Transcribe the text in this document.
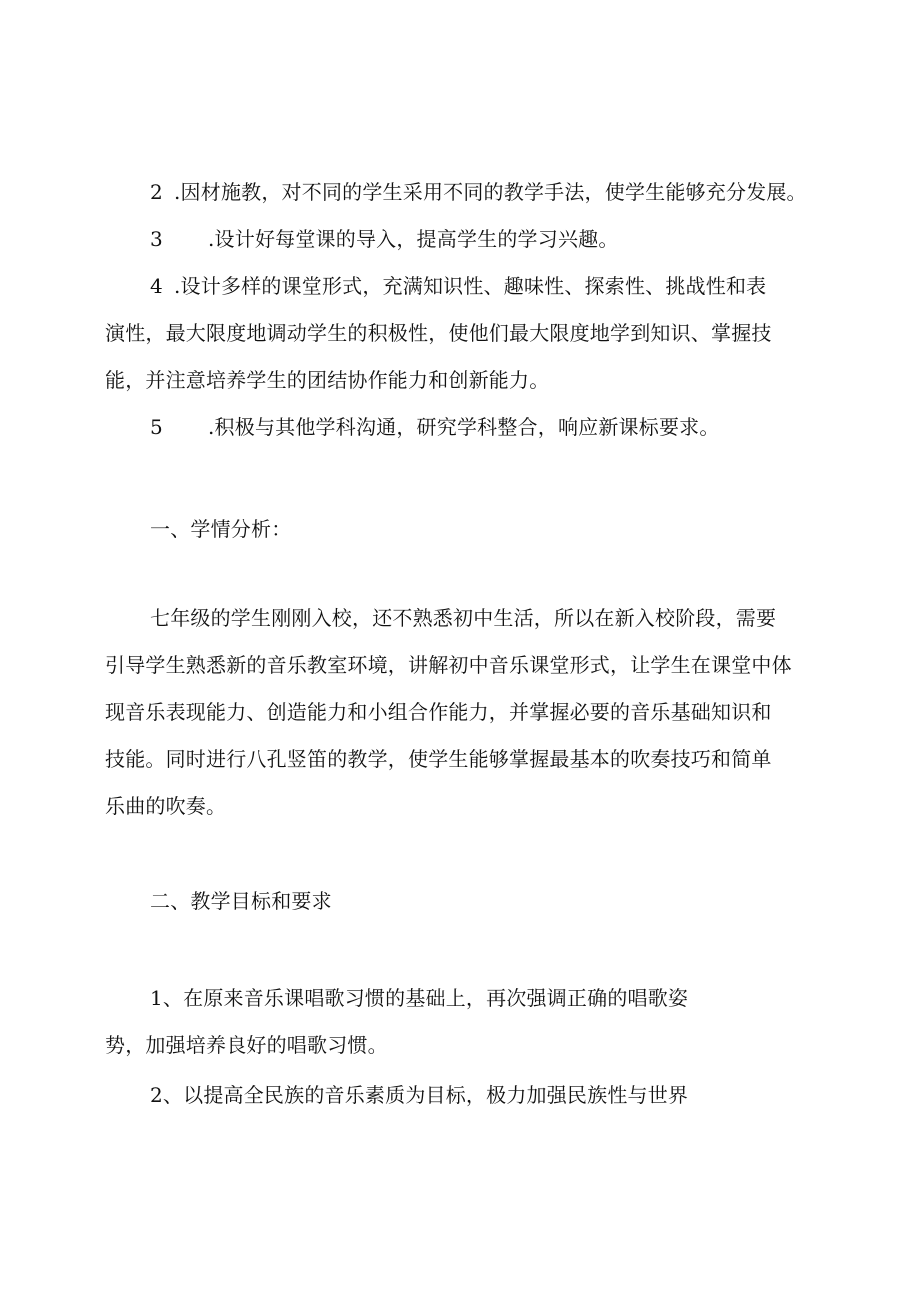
2 .因材施教，对不同的学生采用不同的教学手法，使学生能够充分发展。
3 .设计好每堂课的导入，提高学生的学习兴趣。
4 .设计多样的课堂形式，充满知识性、趣味性、探索性、挑战性和表
演性，最大限度地调动学生的积极性，使他们最大限度地学到知识、掌握技
能，并注意培养学生的团结协作能力和创新能力。
5 .积极与其他学科沟通，研究学科整合，响应新课标要求。
一、学情分析：
七年级的学生刚刚入校，还不熟悉初中生活，所以在新入校阶段，需要
引导学生熟悉新的音乐教室环境，讲解初中音乐课堂形式，让学生在课堂中体
现音乐表现能力、创造能力和小组合作能力，并掌握必要的音乐基础知识和
技能。同时进行八孔竖笛的教学，使学生能够掌握最基本的吹奏技巧和简单
乐曲的吹奏。
二、教学目标和要求
1、在原来音乐课唱歌习惯的基础上，再次强调正确的唱歌姿
势，加强培养良好的唱歌习惯。
2、以提高全民族的音乐素质为目标，极力加强民族性与世界
